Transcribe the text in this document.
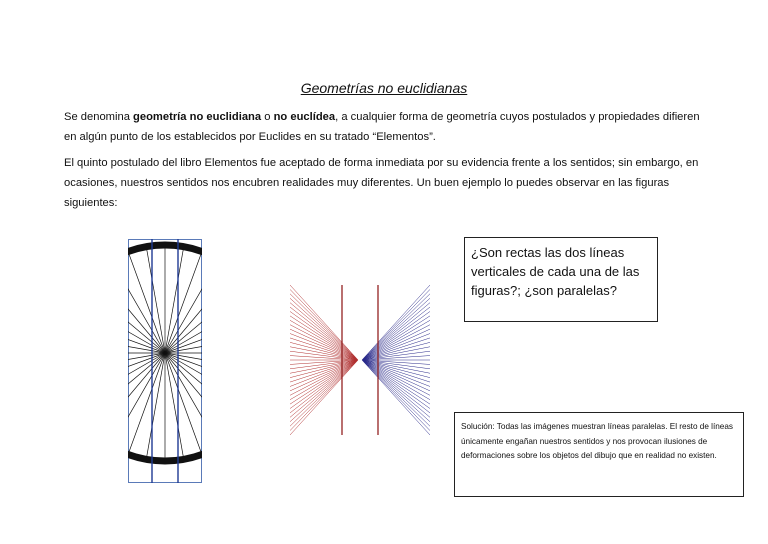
Geometrías no euclidianas

Se denomina geometría no euclidiana o no euclídea, a cualquier forma de geometría cuyos postulados y propiedades difieren en algún punto de los establecidos por Euclides en su tratado “Elementos”.

El quinto postulado del libro Elementos fue aceptado de forma inmediata por su evidencia frente a los sentidos; sin embargo, en ocasiones, nuestros sentidos nos encubren realidades muy diferentes. Un buen ejemplo lo puedes observar en las figuras siguientes:

¿Son rectas las dos líneas verticales de cada una de las figuras?; ¿son paralelas?
Solución: Todas las imágenes muestran líneas paralelas. El resto de líneas únicamente engañan nuestros sentidos y nos provocan ilusiones de deformaciones sobre los objetos del dibujo que en realidad no existen.
